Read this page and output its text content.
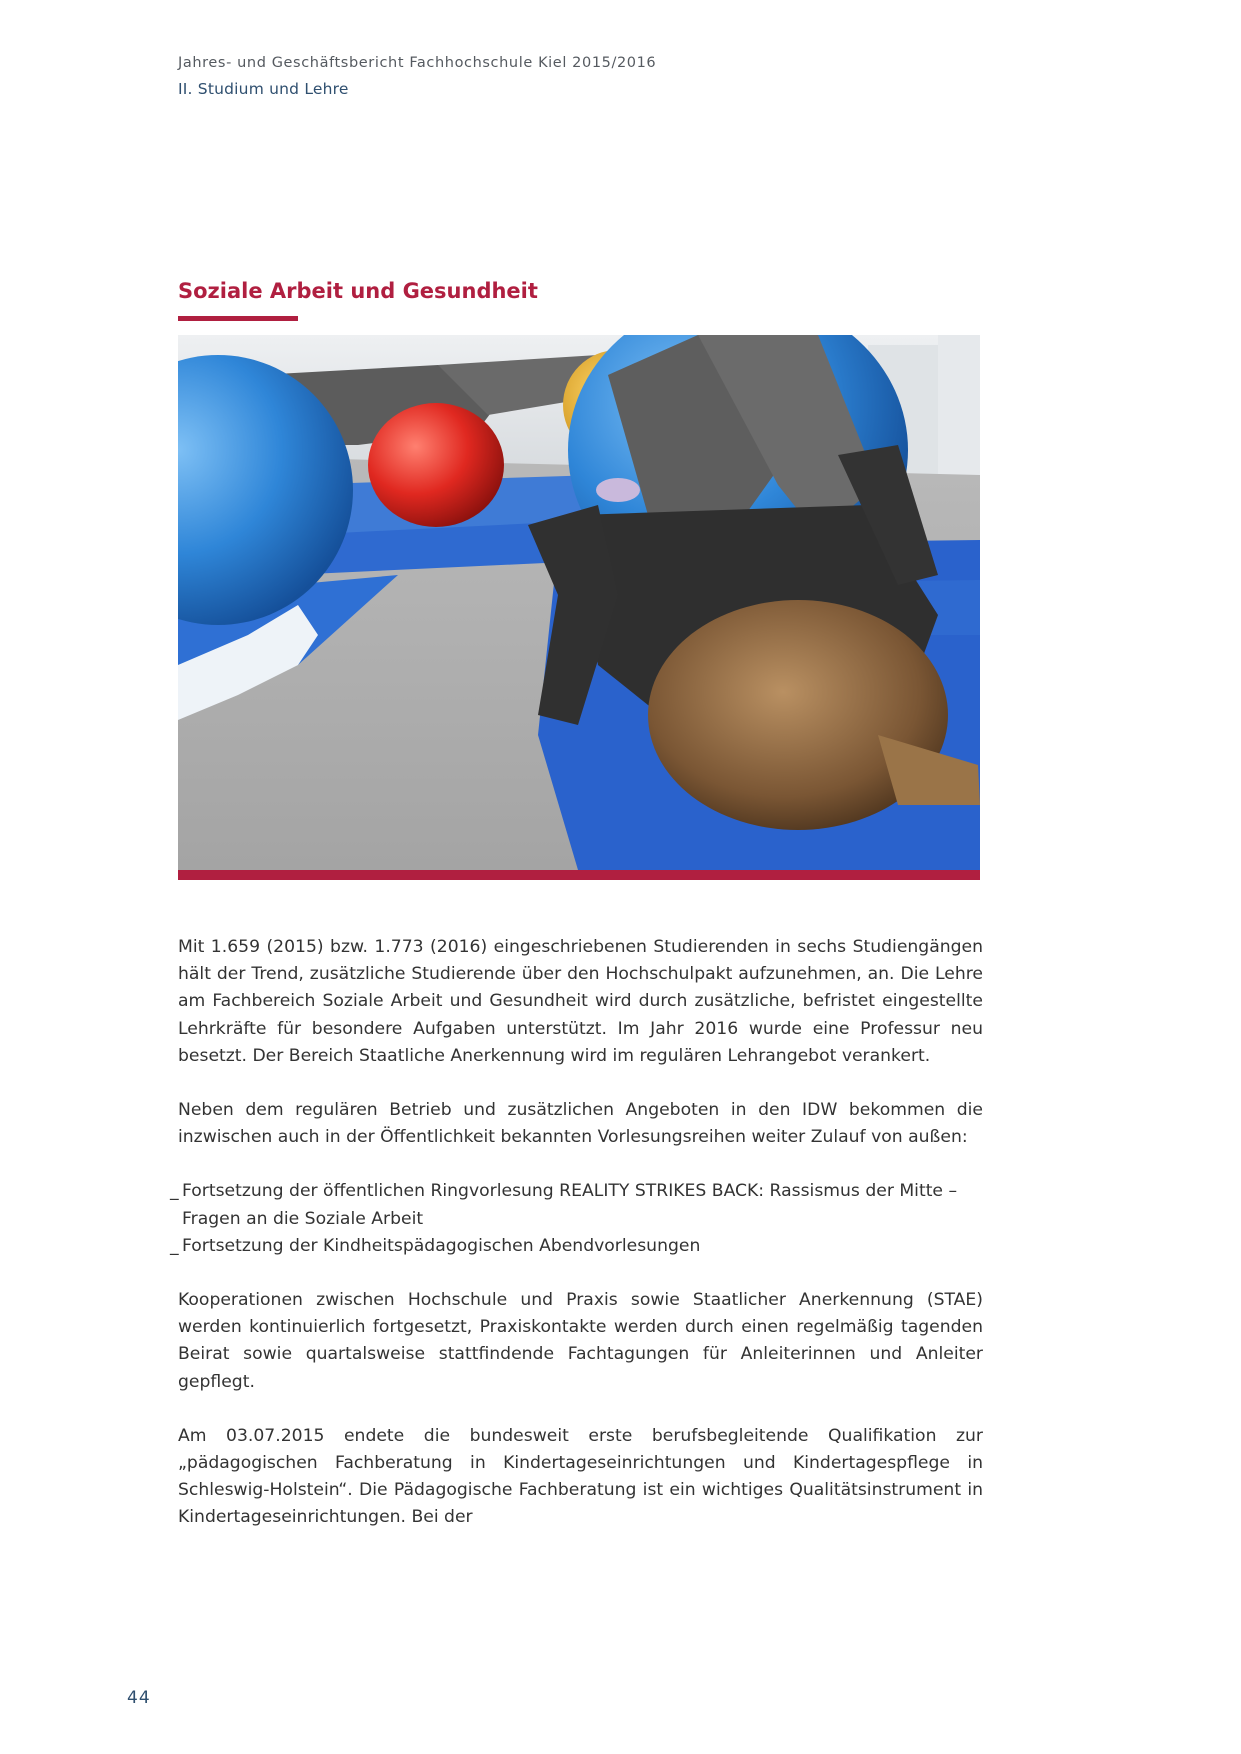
Jahres- und Geschäftsbericht Fachhochschule Kiel 2015/2016
II. Studium und Lehre
Soziale Arbeit und Gesundheit

Mit 1.659 (2015) bzw. 1.773 (2016) eingeschriebenen Studierenden in sechs Studiengängen hält der Trend, zusätzliche Studierende über den Hochschulpakt aufzunehmen, an. Die Lehre am Fachbereich Soziale Arbeit und Gesundheit wird durch zusätzliche, befristet eingestellte Lehrkräfte für besondere Aufgaben unterstützt. Im Jahr 2016 wurde eine Professur neu besetzt. Der Bereich Staatliche Anerkennung wird im regulären Lehrangebot verankert.

Neben dem regulären Betrieb und zusätzlichen Angeboten in den IDW bekommen die inzwischen auch in der Öffentlichkeit bekannten Vorlesungsreihen weiter Zulauf von außen:

_ Fortsetzung der öffentlichen Ringvorlesung REALITY STRIKES BACK: Rassismus der Mitte – Fragen an die Soziale Arbeit
_ Fortsetzung der Kindheitspädagogischen Abendvorlesungen

Kooperationen zwischen Hochschule und Praxis sowie Staatlicher Anerkennung (STAE) werden kontinuierlich fortgesetzt, Praxiskontakte werden durch einen regelmäßig tagenden Beirat sowie quartalsweise stattfindende Fachtagungen für Anleiterinnen und Anleiter gepflegt.

Am 03.07.2015 endete die bundesweit erste berufsbegleitende Qualifikation zur „pädagogischen Fachberatung in Kindertageseinrichtungen und Kindertagespflege in Schleswig-Holstein“. Die Pädagogische Fachberatung ist ein wichtiges Qualitätsinstrument in Kindertageseinrichtungen. Bei der

44
